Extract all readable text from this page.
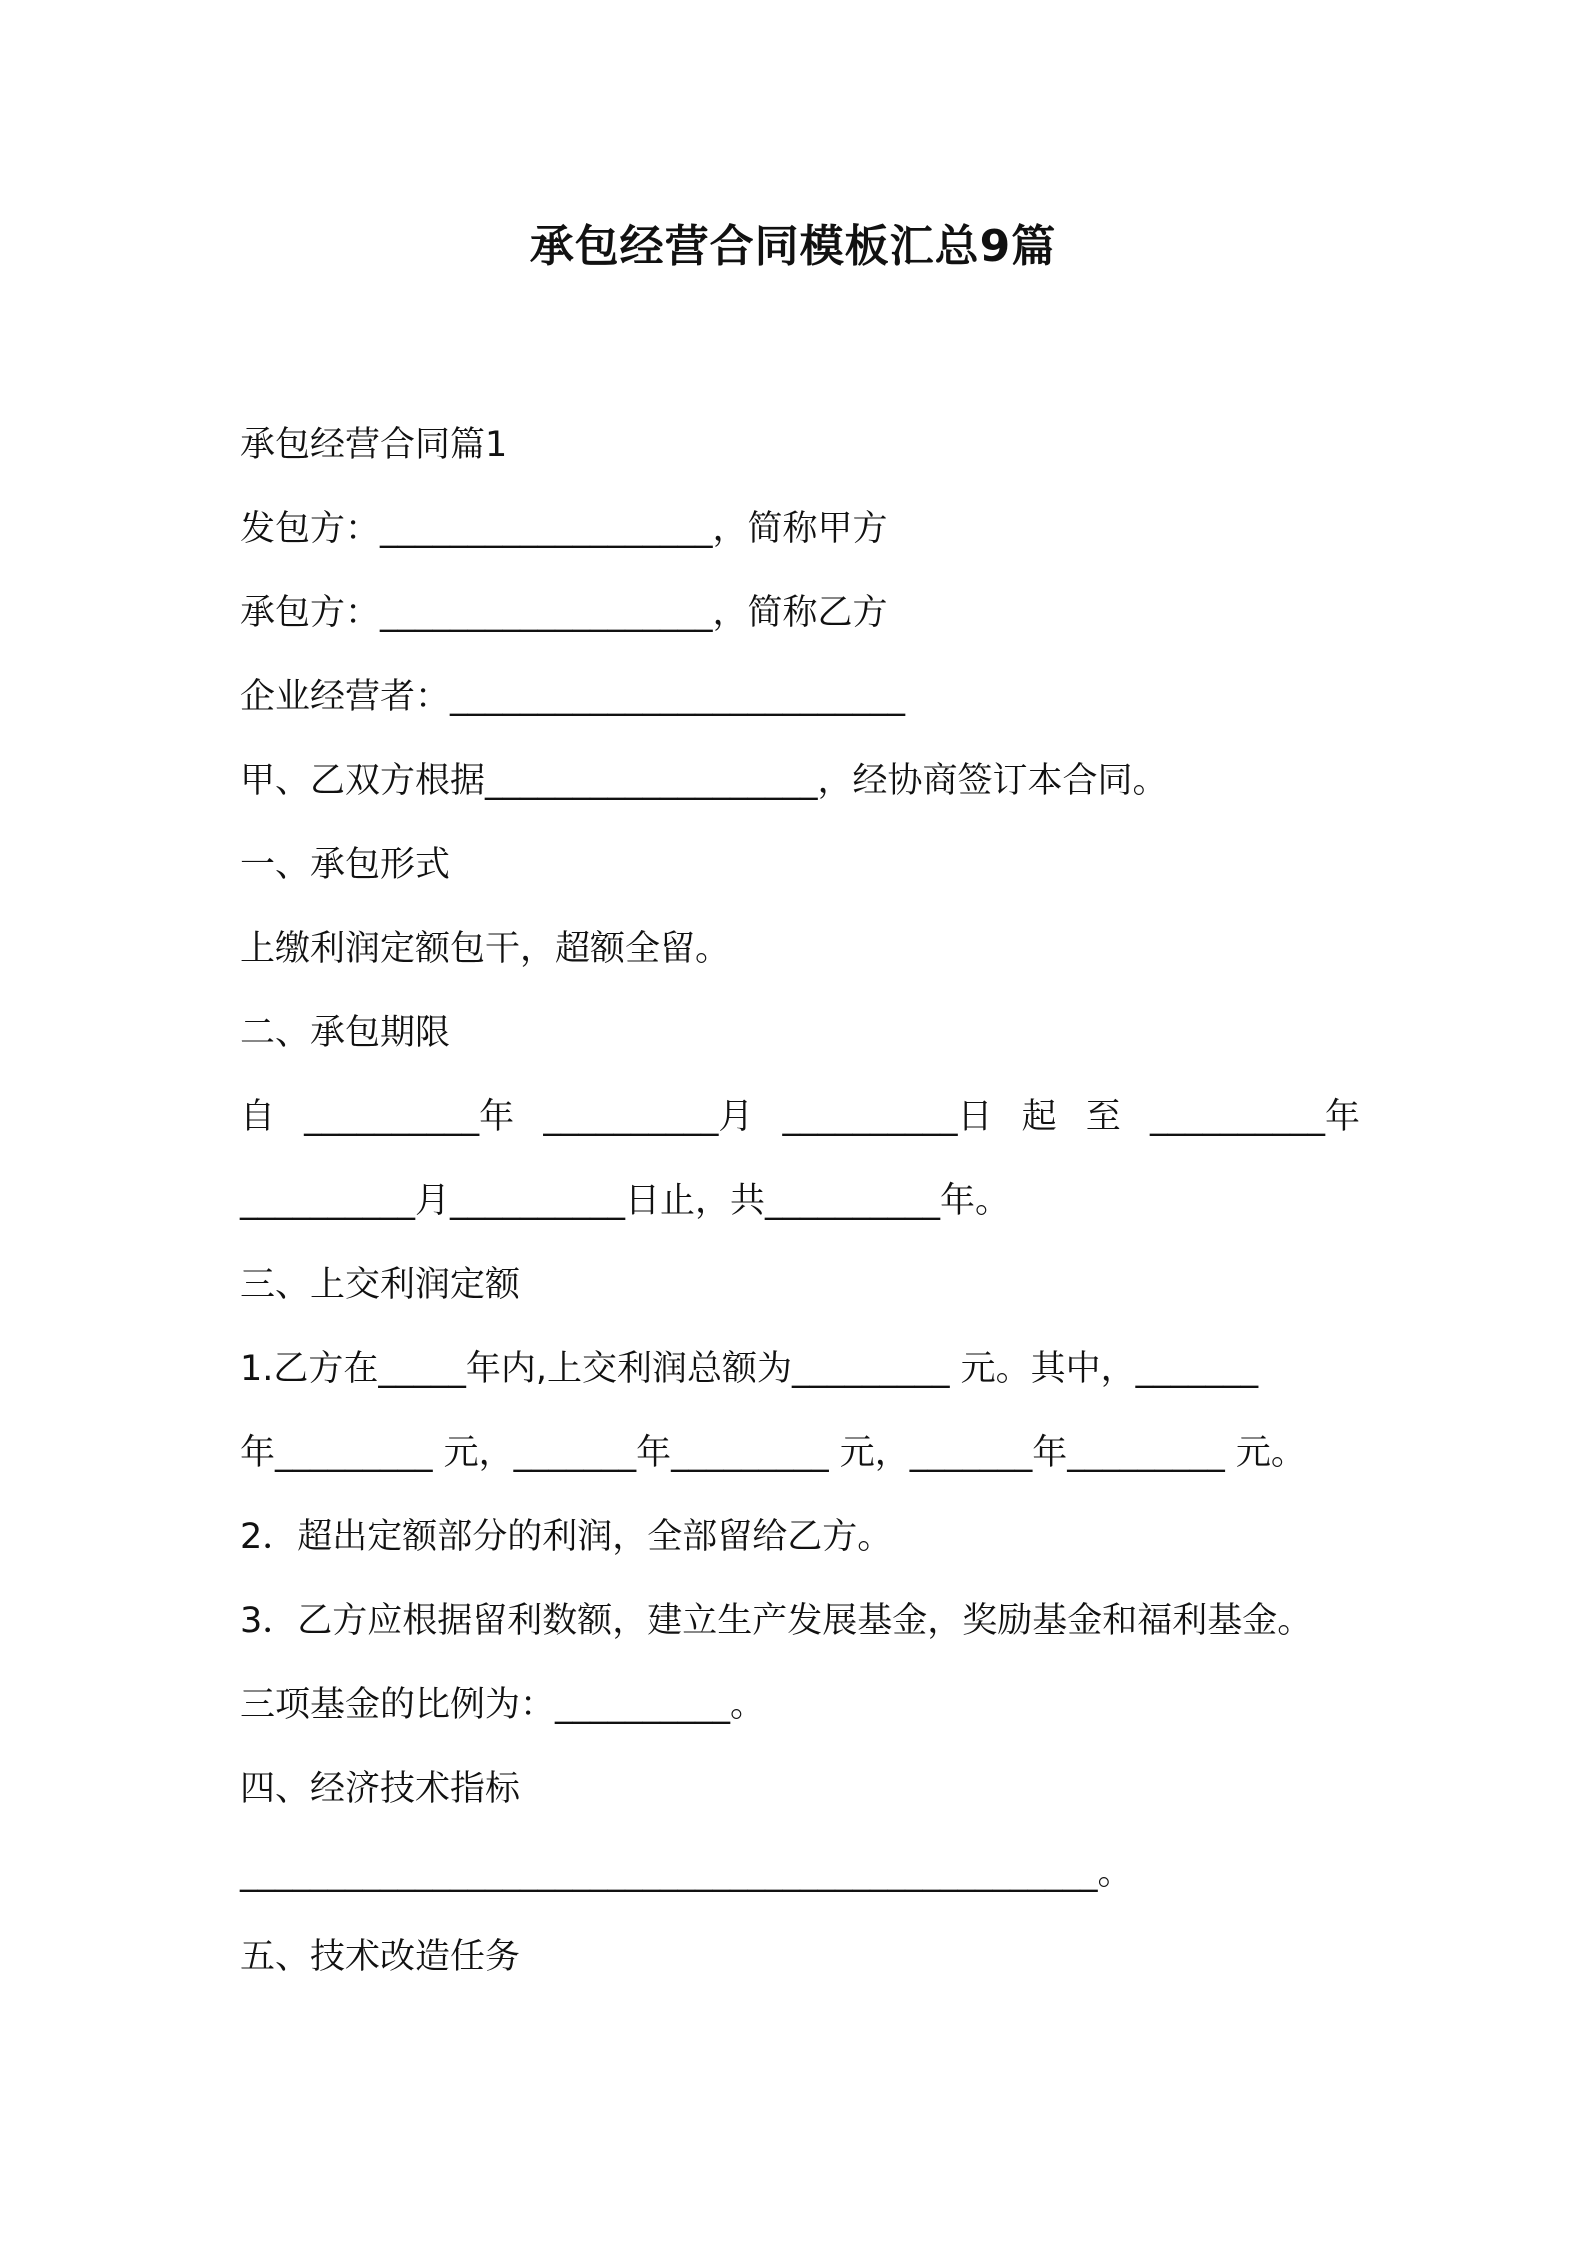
承包经营合同模板汇总9篇

承包经营合同篇1

发包方：___________________，简称甲方

承包方：___________________，简称乙方

企业经营者：__________________________

甲、乙双方根据___________________，经协商签订本合同。

一、承包形式

上缴利润定额包干，超额全留。

二、承包期限

自 __________年 __________月 __________日 起 至 __________年

__________月__________日止，共__________年。

三、上交利润定额

1.乙方在_____年内,上交利润总额为_________ 元。其中，_______

年_________ 元，_______年_________ 元，_______年_________ 元。

2．超出定额部分的利润，全部留给乙方。

3．乙方应根据留利数额，建立生产发展基金，奖励基金和福利基金。

三项基金的比例为：__________。

四、经济技术指标

_________________________________________________。

五、技术改造任务
